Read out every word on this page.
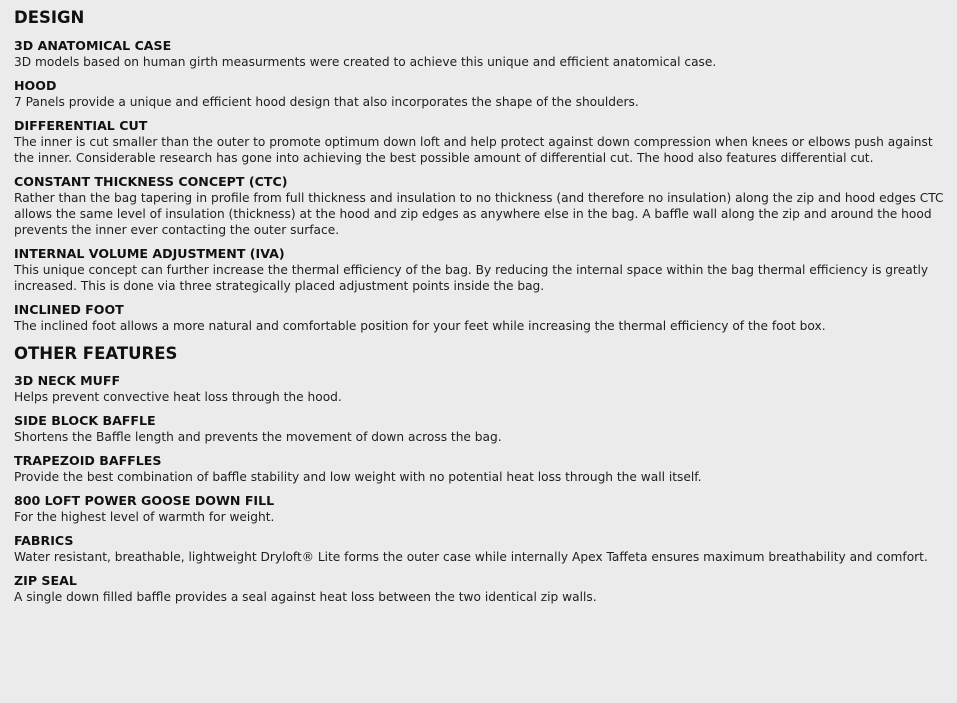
DESIGN
3D ANATOMICAL CASE
3D models based on human girth measurments were created to achieve this unique and efficient anatomical case.
HOOD
7 Panels provide a unique and efficient hood design that also incorporates the shape of the shoulders.
DIFFERENTIAL CUT
The inner is cut smaller than the outer to promote optimum down loft and help protect against down compression when knees or elbows push against the inner. Considerable research has gone into achieving the best possible amount of differential cut. The hood also features differential cut.
CONSTANT THICKNESS CONCEPT (CTC)
Rather than the bag tapering in profile from full thickness and insulation to no thickness (and therefore no insulation) along the zip and hood edges CTC allows the same level of insulation (thickness) at the hood and zip edges as anywhere else in the bag. A baffle wall along the zip and around the hood prevents the inner ever contacting the outer surface.
INTERNAL VOLUME ADJUSTMENT (IVA)
This unique concept can further increase the thermal efficiency of the bag. By reducing the internal space within the bag thermal efficiency is greatly increased. This is done via three strategically placed adjustment points inside the bag.
INCLINED FOOT
The inclined foot allows a more natural and comfortable position for your feet while increasing the thermal efficiency of the foot box.
OTHER FEATURES
3D NECK MUFF
Helps prevent convective heat loss through the hood.
SIDE BLOCK BAFFLE
Shortens the Baffle length and prevents the movement of down across the bag.
TRAPEZOID BAFFLES
Provide the best combination of baffle stability and low weight with no potential heat loss through the wall itself.
800 LOFT POWER GOOSE DOWN FILL
For the highest level of warmth for weight.
FABRICS
Water resistant, breathable, lightweight Dryloft® Lite forms the outer case while internally Apex Taffeta ensures maximum breathability and comfort.
ZIP SEAL
A single down filled baffle provides a seal against heat loss between the two identical zip walls.
